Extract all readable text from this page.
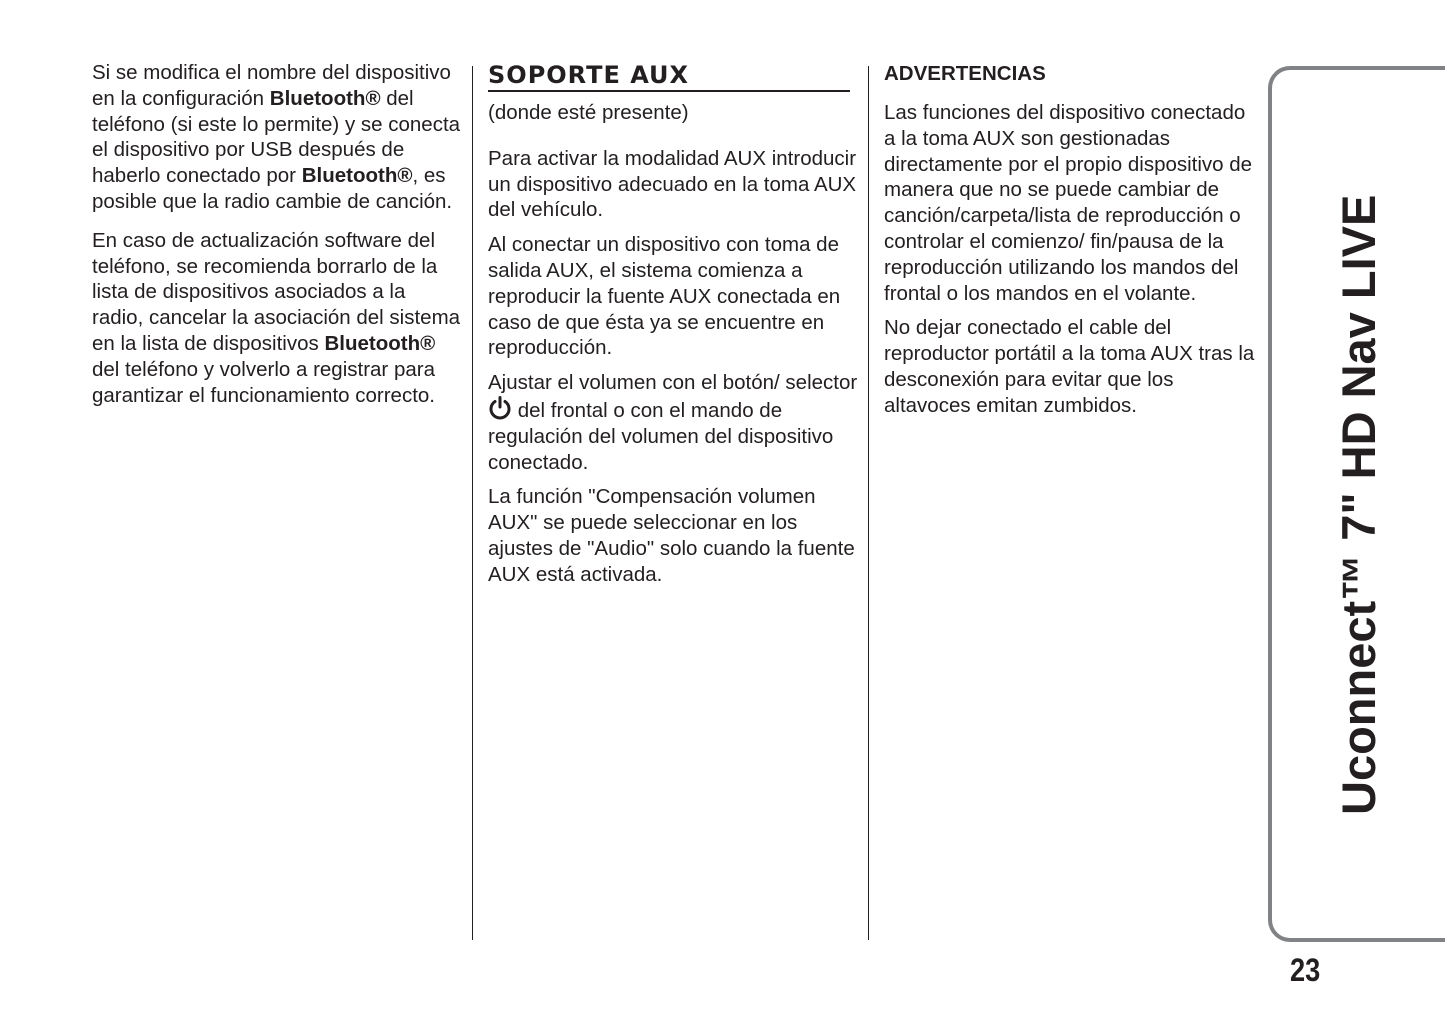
Si se modifica el nombre del dispositivo en la configuración Bluetooth® del teléfono (si este lo permite) y se conecta el dispositivo por USB después de haberlo conectado por Bluetooth®, es posible que la radio cambie de canción.

En caso de actualización software del teléfono, se recomienda borrarlo de la lista de dispositivos asociados a la radio, cancelar la asociación del sistema en la lista de dispositivos Bluetooth® del teléfono y volverlo a registrar para garantizar el funcionamiento correcto.

SOPORTE AUX

(donde esté presente)

Para activar la modalidad AUX introducir un dispositivo adecuado en la toma AUX del vehículo.

Al conectar un dispositivo con toma de salida AUX, el sistema comienza a reproducir la fuente AUX conectada en caso de que ésta ya se encuentre en reproducción.

Ajustar el volumen con el botón/ selector  del frontal o con el mando de regulación del volumen del dispositivo conectado.

La función "Compensación volumen AUX" se puede seleccionar en los ajustes de "Audio" solo cuando la fuente AUX está activada.

ADVERTENCIAS

Las funciones del dispositivo conectado a la toma AUX son gestionadas directamente por el propio dispositivo de manera que no se puede cambiar de canción/carpeta/lista de reproducción o controlar el comienzo/ fin/pausa de la reproducción utilizando los mandos del frontal o los mandos en el volante.

No dejar conectado el cable del reproductor portátil a la toma AUX tras la desconexión para evitar que los altavoces emitan zumbidos.	Uconnect™ 7" HD Nav LIVE
23
